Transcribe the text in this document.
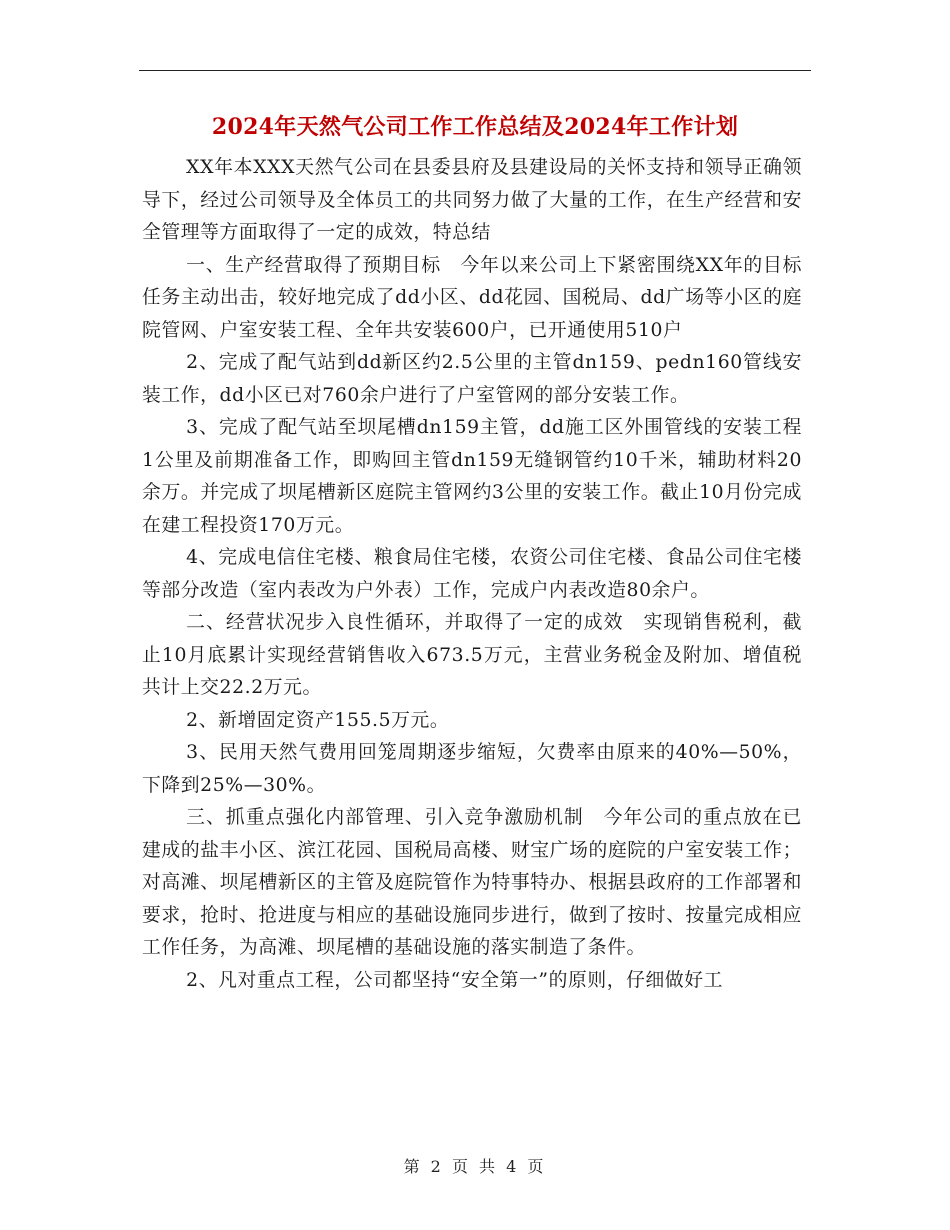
2024年天然气公司工作工作总结及2024年工作计划

XX年本XXX天然气公司在县委县府及县建设局的关怀支持和领导正确领导下，经过公司领导及全体员工的共同努力做了大量的工作，在生产经营和安全管理等方面取得了一定的成效，特总结

一、生产经营取得了预期目标　今年以来公司上下紧密围绕XX年的目标任务主动出击，较好地完成了dd小区、dd花园、国税局、dd广场等小区的庭院管网、户室安装工程、全年共安装600户，已开通使用510户

2、完成了配气站到dd新区约2.5公里的主管dn159、pedn160管线安装工作，dd小区已对760余户进行了户室管网的部分安装工作。

3、完成了配气站至坝尾槽dn159主管，dd施工区外围管线的安装工程1公里及前期准备工作，即购回主管dn159无缝钢管约10千米，辅助材料20余万。并完成了坝尾槽新区庭院主管网约3公里的安装工作。截止10月份完成在建工程投资170万元。

4、完成电信住宅楼、粮食局住宅楼，农资公司住宅楼、食品公司住宅楼等部分改造（室内表改为户外表）工作，完成户内表改造80余户。

二、经营状况步入良性循环，并取得了一定的成效　实现销售税利，截止10月底累计实现经营销售收入673.5万元，主营业务税金及附加、增值税共计上交22.2万元。

2、新增固定资产155.5万元。

3、民用天然气费用回笼周期逐步缩短，欠费率由原来的40%—50%，下降到25%—30%。

三、抓重点强化内部管理、引入竞争激励机制　今年公司的重点放在已建成的盐丰小区、滨江花园、国税局高楼、财宝广场的庭院的户室安装工作；对高滩、坝尾槽新区的主管及庭院管作为特事特办、根据县政府的工作部署和要求，抢时、抢进度与相应的基础设施同步进行，做到了按时、按量完成相应工作任务，为高滩、坝尾槽的基础设施的落实制造了条件。

2、凡对重点工程，公司都坚持“安全第一”的原则，仔细做好工

第 2 页 共 4 页
